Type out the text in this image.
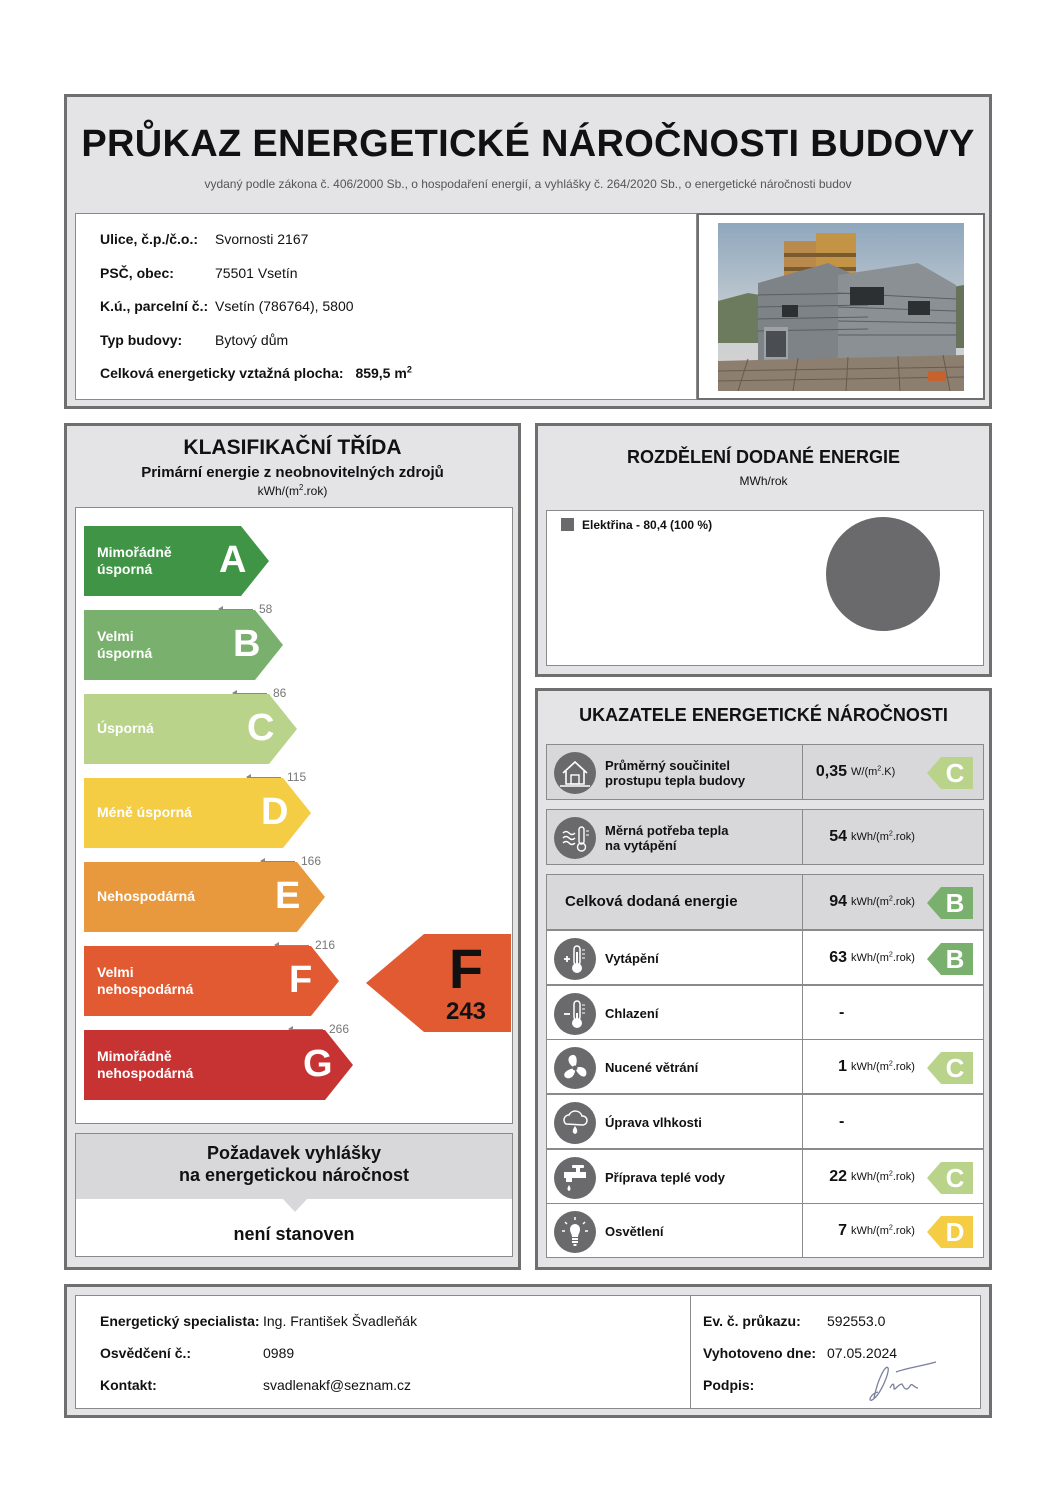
PRŮKAZ ENERGETICKÉ NÁROČNOSTI BUDOVY
vydaný podle zákona č. 406/2000 Sb., o hospodaření energií, a vyhlášky č. 264/2020 Sb., o energetické náročnosti budov
Ulice, č.p./č.o.: Svornosti 2167
PSČ, obec:	75501 Vsetín
K.ú., parcelní č.: Vsetín (786764), 5800
Typ budovy: Bytový dům
Celková energeticky vztažná plocha: 859,5 $m^2$
KLASIFIKAČNÍ TŘÍDA
Primární energie z neobnovitelných zdrojů
kWh/$(m^2.rok)$
Mimořádně
úsporná	A
58
Velmi
úsporná B
86
Úsporná C
115
Méně úsporná D
166
Nehospodárná E
216
Velmi
nehospodárná	F
266
Mimořádně
nehospodárná	G
F
243
Požadavek vyhlášky
na energetickou náročnost
není stanoven
ROZDĚLENÍ DODANÉ ENERGIE
MWh/rok
Elektřina - 80,4 (100 %)
UKAZATELE ENERGETICKÉ NÁROČNOSTI
Průměrný součinitel
prostupu tepla budovy
0,35 $W/(m^2.K)$ C
Měrná potřeba tepla
na vytápění
54 kWh/$(m^2.rok)$
Celková dodaná energie	94 kWh/$(m^2.rok)$ B
Vytápění	63 kWh/$(m^2.rok)$ B
Chlazení	-
Nucené větrání	1 kWh/$(m^2.rok)$ C
Úprava vlhkosti	-
Příprava teplé vody	22 kWh/$(m^2.rok)$ C
Osvětlení	7 kWh/$(m^2.rok)$ D
Energetický specialista: Ing. František Švadleňák
Osvědčení č.:	0989
Kontakt:	svadlenakf@seznam.cz
Ev. č. průkazu: 592553.0
Vyhotoveno dne: 07.05.2024
Podpis:
